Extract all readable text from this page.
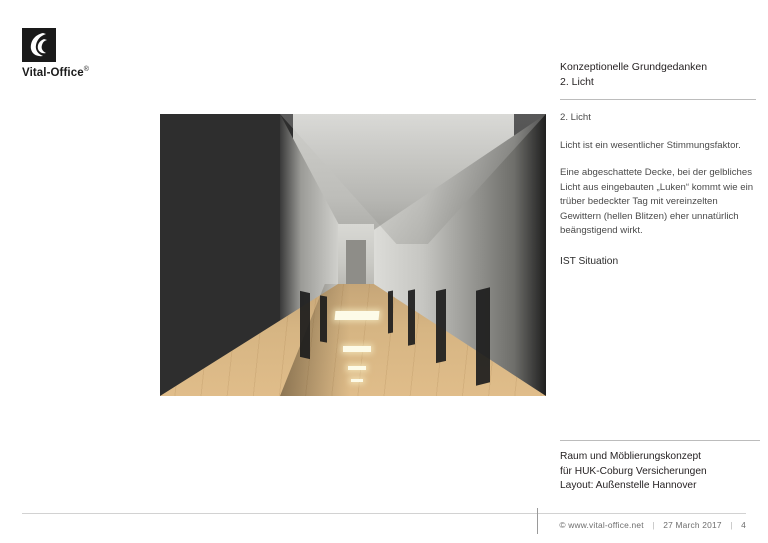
Vital-Office®	Konzeptionelle Grundgedanken
2. Licht

2. Licht

Licht ist ein wesentlicher Stimmungsfaktor.

Eine abgeschattete Decke, bei der gelbliches Licht aus eingebauten „Luken“ kommt wie ein trüber bedeckter Tag mit vereinzelten Gewittern (hellen Blitzen) eher unnatürlich beängstigend wirkt.

IST Situation
Raum und Möblierungskonzept
für HUK-Coburg Versicherungen
Layout: Außenstelle Hannover
© www.vital-office.net | 27 March 2017 | 4
